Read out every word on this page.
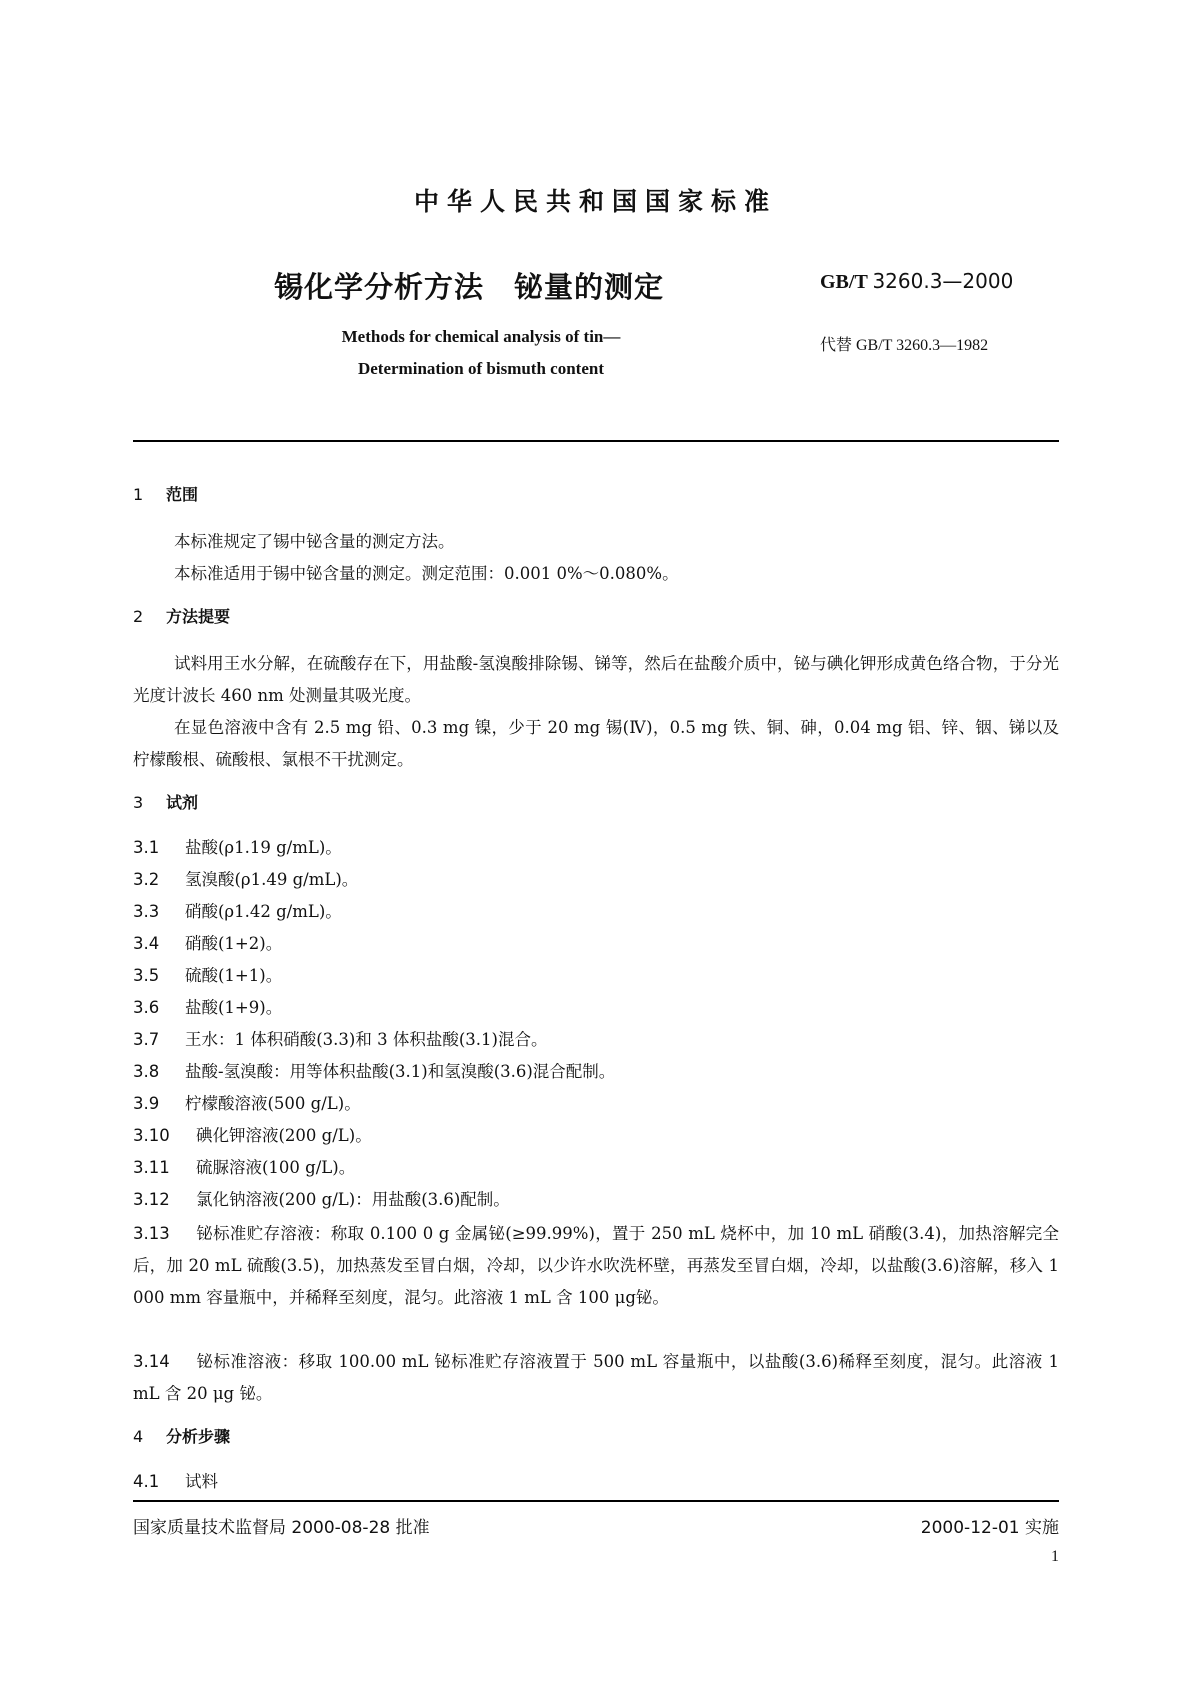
中华人民共和国国家标准
锡化学分析方法 铋量的测定	GB/T 3260.3—2000
代替 GB/T 3260.3—1982
Methods for chemical analysis of tin—
Determination of bismuth content
1 范围
本标准规定了锡中铋含量的测定方法。
本标准适用于锡中铋含量的测定。测定范围：0.001 0%～0.080%。
2 方法提要
试料用王水分解，在硫酸存在下，用盐酸-氢溴酸排除锡、锑等，然后在盐酸介质中，铋与碘化钾形成黄色络合物，于分光光度计波长 460 nm 处测量其吸光度。
在显色溶液中含有 2.5 mg 铅、0.3 mg 镍，少于 20 mg 锡(Ⅳ)，0.5 mg 铁、铜、砷，0.04 mg 铝、锌、铟、锑以及柠檬酸根、硫酸根、氯根不干扰测定。
3 试剂
3.1 盐酸(ρ1.19 g/mL)。
3.2 氢溴酸(ρ1.49 g/mL)。
3.3 硝酸(ρ1.42 g/mL)。
3.4 硝酸(1+2)。
3.5 硫酸(1+1)。
3.6 盐酸(1+9)。
3.7 王水：1 体积硝酸(3.3)和 3 体积盐酸(3.1)混合。
3.8 盐酸-氢溴酸：用等体积盐酸(3.1)和氢溴酸(3.6)混合配制。
3.9 柠檬酸溶液(500 g/L)。
3.10 碘化钾溶液(200 g/L)。
3.11 硫脲溶液(100 g/L)。
3.12 氯化钠溶液(200 g/L)：用盐酸(3.6)配制。
3.13 铋标准贮存溶液：称取 0.100 0 g 金属铋(≥99.99%)，置于 250 mL 烧杯中，加 10 mL 硝酸(3.4)，加热溶解完全后，加 20 mL 硫酸(3.5)，加热蒸发至冒白烟，冷却，以少许水吹洗杯壁，再蒸发至冒白烟，冷却，以盐酸(3.6)溶解，移入 1 000 mm 容量瓶中，并稀释至刻度，混匀。此溶液 1 mL 含 100 μg铋。
3.14 铋标准溶液：移取 100.00 mL 铋标准贮存溶液置于 500 mL 容量瓶中，以盐酸(3.6)稀释至刻度，混匀。此溶液 1 mL 含 20 μg 铋。
4 分析步骤
4.1 试料
国家质量技术监督局 2000-08-28 批准	2000-12-01 实施
1
